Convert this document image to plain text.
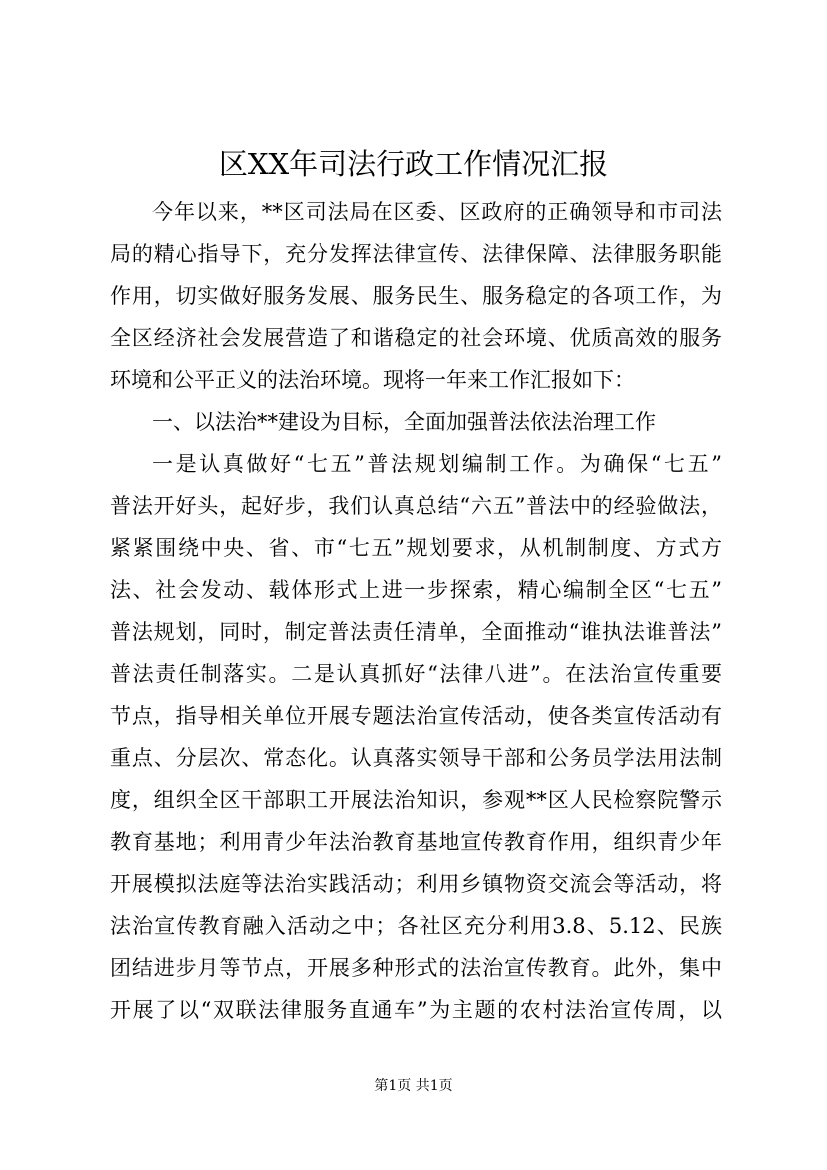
区XX年司法行政工作情况汇报
今年以来，**区司法局在区委、区政府的正确领导和市司法
局的精心指导下，充分发挥法律宣传、法律保障、法律服务职能
作用，切实做好服务发展、服务民生、服务稳定的各项工作，为
全区经济社会发展营造了和谐稳定的社会环境、优质高效的服务
环境和公平正义的法治环境。现将一年来工作汇报如下：
一、以法治**建设为目标，全面加强普法依法治理工作
一是认真做好“七五”普法规划编制工作。为确保“七五”
普法开好头，起好步，我们认真总结“六五”普法中的经验做法，
紧紧围绕中央、省、市“七五”规划要求，从机制制度、方式方
法、社会发动、载体形式上进一步探索，精心编制全区“七五”
普法规划，同时，制定普法责任清单，全面推动“谁执法谁普法”
普法责任制落实。二是认真抓好“法律八进”。在法治宣传重要
节点，指导相关单位开展专题法治宣传活动，使各类宣传活动有
重点、分层次、常态化。认真落实领导干部和公务员学法用法制
度，组织全区干部职工开展法治知识，参观**区人民检察院警示
教育基地；利用青少年法治教育基地宣传教育作用，组织青少年
开展模拟法庭等法治实践活动；利用乡镇物资交流会等活动，将
法治宣传教育融入活动之中；各社区充分利用3.8、5.12、民族
团结进步月等节点，开展多种形式的法治宣传教育。此外，集中
开展了以“双联法律服务直通车”为主题的农村法治宣传周，以
第1页 共1页
